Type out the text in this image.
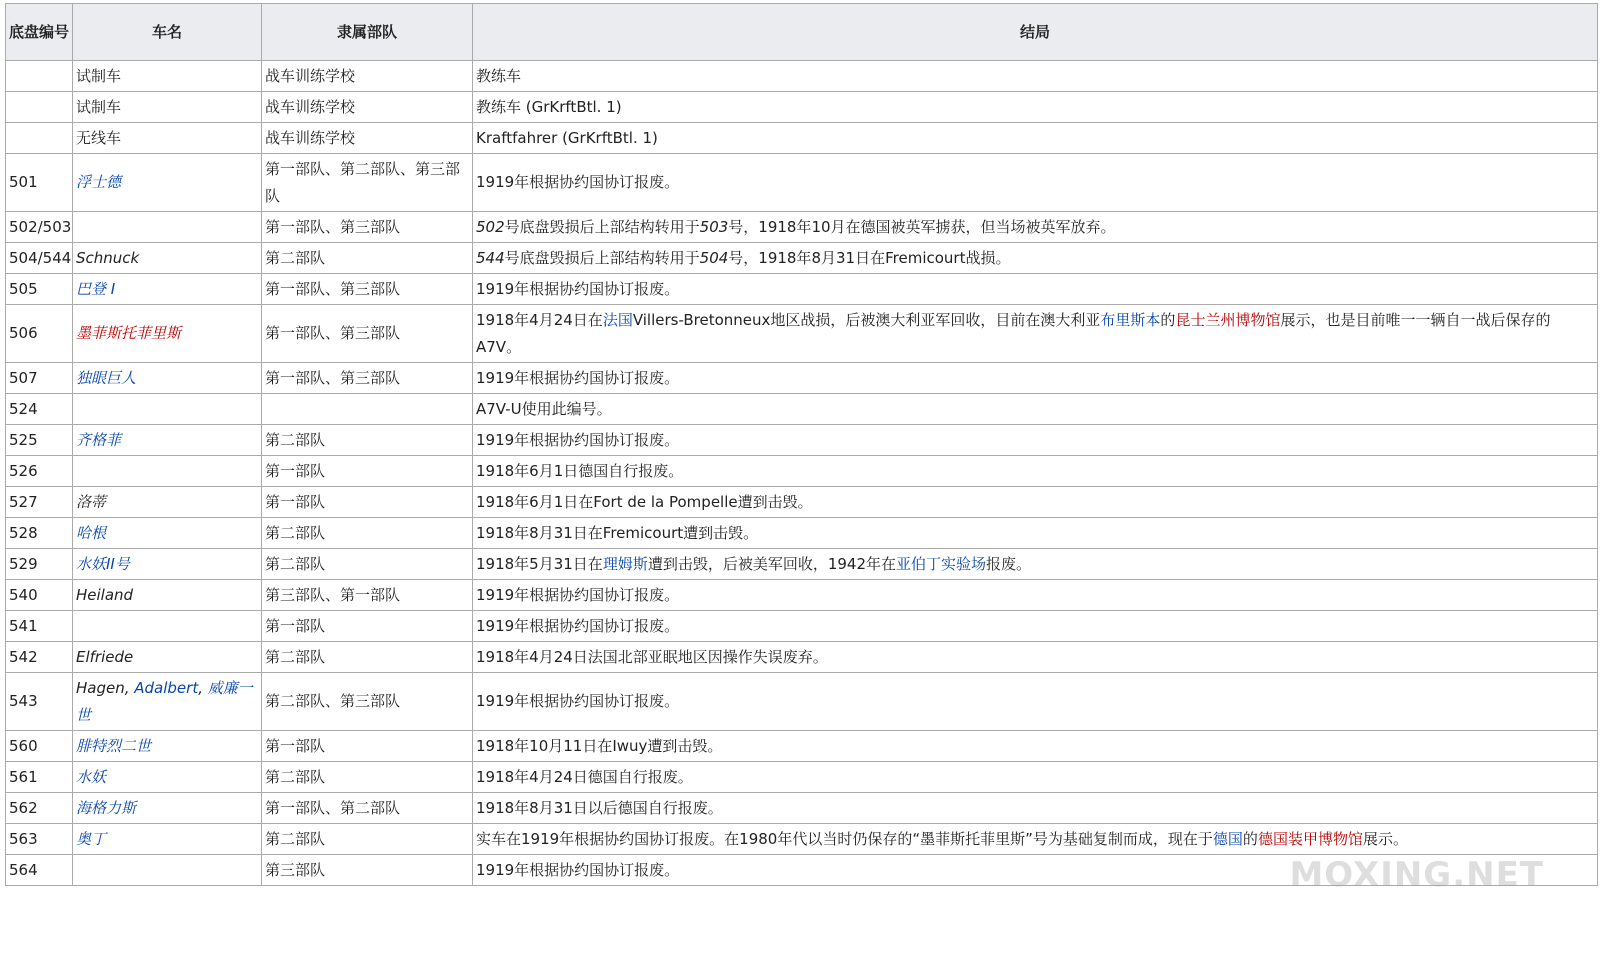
底盘编号	车名	隶属部队	结局
	试制车	战车训练学校	教练车
	试制车	战车训练学校	教练车 (GrKrftBtl. 1)
	无线车	战车训练学校	Kraftfahrer (GrKrftBtl. 1)
501	浮士德	第一部队、第二部队、第三部队	1919年根据协约国协订报废。
502/503		第一部队、第三部队	502号底盘毁损后上部结构转用于503号，1918年10月在德国被英军掳获，但当场被英军放弃。
504/544	Schnuck	第二部队	544号底盘毁损后上部结构转用于504号，1918年8月31日在Fremicourt战损。
505	巴登 I	第一部队、第三部队	1919年根据协约国协订报废。
506	墨菲斯托菲里斯	第一部队、第三部队	1918年4月24日在法国Villers-Bretonneux地区战损，后被澳大利亚军回收，目前在澳大利亚布里斯本的昆士兰州博物馆展示，也是目前唯一一辆自一战后保存的A7V。
507	独眼巨人	第一部队、第三部队	1919年根据协约国协订报废。
524			A7V-U使用此编号。
525	齐格菲	第二部队	1919年根据协约国协订报废。
526		第一部队	1918年6月1日德国自行报废。
527	洛蒂	第一部队	1918年6月1日在Fort de la Pompelle遭到击毁。
528	哈根	第二部队	1918年8月31日在Fremicourt遭到击毁。
529	水妖II号	第二部队	1918年5月31日在理姆斯遭到击毁，后被美军回收，1942年在亚伯丁实验场报废。
540	Heiland	第三部队、第一部队	1919年根据协约国协订报废。
541		第一部队	1919年根据协约国协订报废。
542	Elfriede	第二部队	1918年4月24日法国北部亚眠地区因操作失误废弃。
543	Hagen, Adalbert, 威廉一世	第二部队、第三部队	1919年根据协约国协订报废。
560	腓特烈二世	第一部队	1918年10月11日在Iwuy遭到击毁。
561	水妖	第二部队	1918年4月24日德国自行报废。
562	海格力斯	第一部队、第二部队	1918年8月31日以后德国自行报废。
563	奥丁	第二部队	实车在1919年根据协约国协订报废。在1980年代以当时仍保存的“墨菲斯托菲里斯”号为基础复制而成，现在于德国的德国装甲博物馆展示。
564		第三部队	1919年根据协约国协订报废。	MOXING.NET
